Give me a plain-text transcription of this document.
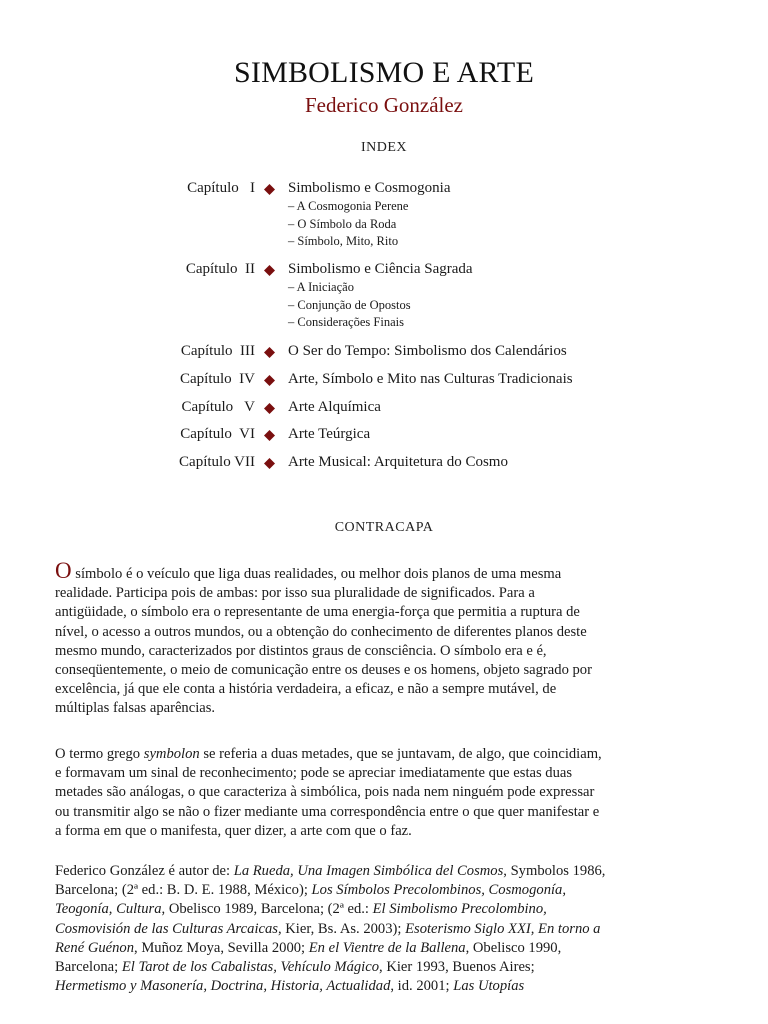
SIMBOLISMO E ARTE
Federico González
INDEX
Capítulo   I Simbolismo e Cosmogonia
– A Cosmogonia Perene
– O Símbolo da Roda
– Símbolo, Mito, Rito
Capítulo  II Simbolismo e Ciência Sagrada
– A Iniciação
– Conjunção de Opostos
– Considerações Finais
Capítulo  III O Ser do Tempo: Simbolismo dos Calendários
Capítulo  IV Arte, Símbolo e Mito nas Culturas Tradicionais
Capítulo   V Arte Alquímica
Capítulo  VI Arte Teúrgica
Capítulo VII Arte Musical: Arquitetura do Cosmo
CONTRACAPA
O símbolo é o veículo que liga duas realidades, ou melhor dois planos de uma mesma
realidade. Participa pois de ambas: por isso sua pluralidade de significados. Para a
antigüidade, o símbolo era o representante de uma energia-força que permitia a ruptura de
nível, o acesso a outros mundos, ou a obtenção do conhecimento de diferentes planos deste
mesmo mundo, caracterizados por distintos graus de consciência. O símbolo era e é,
conseqüentemente, o meio de comunicação entre os deuses e os homens, objeto sagrado por
excelência, já que ele conta a história verdadeira, a eficaz, e não a sempre mutável, de
múltiplas falsas aparências.
O termo grego symbolon se referia a duas metades, que se juntavam, de algo, que coincidiam,
e formavam um sinal de reconhecimento; pode se apreciar imediatamente que estas duas
metades são análogas, o que caracteriza à simbólica, pois nada nem ninguém pode expressar
ou transmitir algo se não o fizer mediante uma correspondência entre o que quer manifestar e
a forma em que o manifesta, quer dizer, a arte com que o faz.
Federico González é autor de: La Rueda, Una Imagen Simbólica del Cosmos, Symbolos 1986,
Barcelona; (2ª ed.: B. D. E. 1988, México); Los Símbolos Precolombinos, Cosmogonía,
Teogonía, Cultura, Obelisco 1989, Barcelona; (2ª ed.: El Simbolismo Precolombino,
Cosmovisión de las Culturas Arcaicas, Kier, Bs. As. 2003); Esoterismo Siglo XXI, En torno a
René Guénon, Muñoz Moya, Sevilla 2000; En el Vientre de la Ballena, Obelisco 1990,
Barcelona; El Tarot de los Cabalistas, Vehículo Mágico, Kier 1993, Buenos Aires;
Hermetismo y Masonería, Doctrina, Historia, Actualidad, id. 2001; Las Utopías
